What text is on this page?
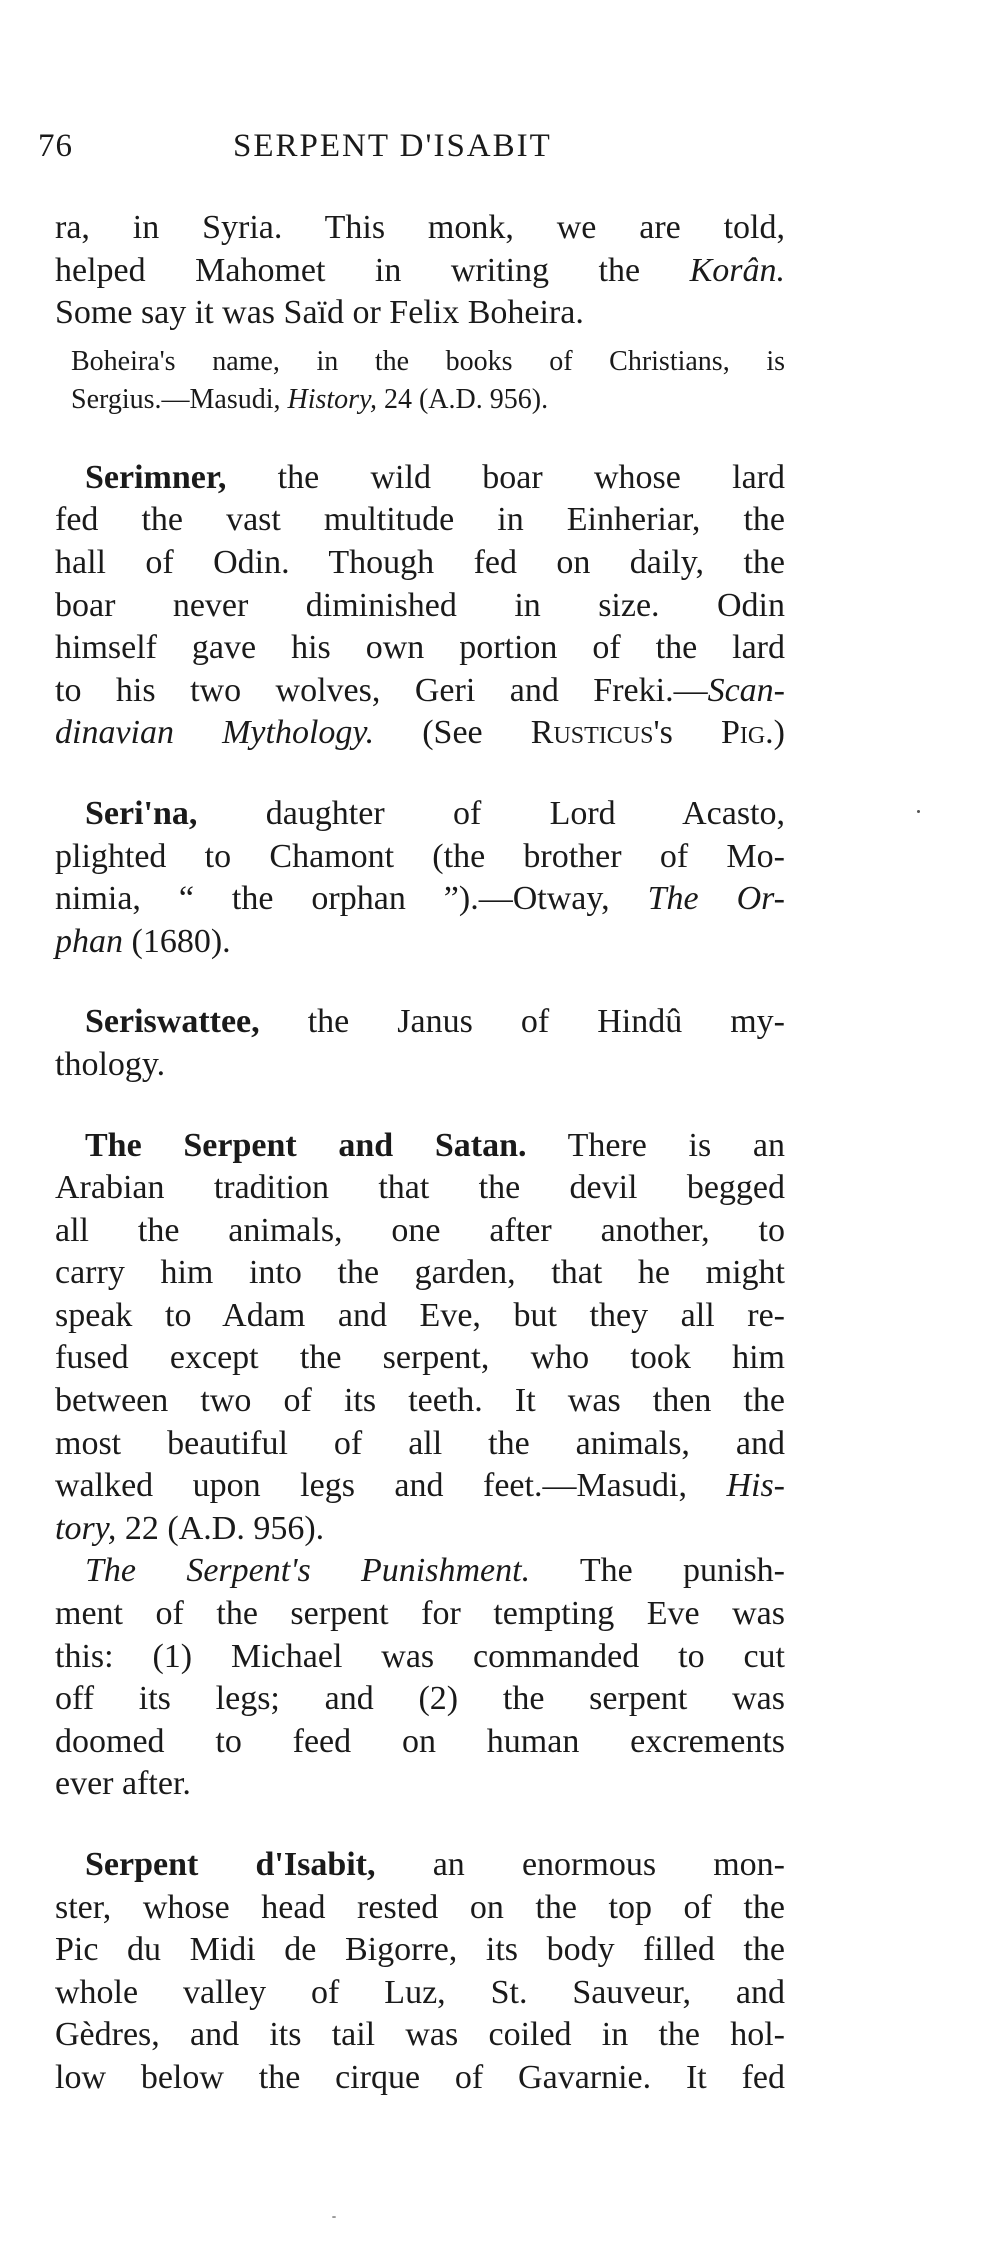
76	SERPENT D'ISABIT
ra, in Syria. This monk, we are told,
helped Mahomet in writing the Korân.
Some say it was Saïd or Felix Boheira.
Boheira's name, in the books of Christians, is
Sergius.—Masudi, History, 24 (A.D. 956).
Serimner, the wild boar whose lard
fed the vast multitude in Einheriar, the
hall of Odin. Though fed on daily, the
boar never diminished in size. Odin
himself gave his own portion of the lard
to his two wolves, Geri and Freki.—Scan-
dinavian Mythology. (See Rusticus's Pig.)
Seri'na, daughter of Lord Acasto,
plighted to Chamont (the brother of Mo-
nimia, “ the orphan ”).—Otway, The Or-
phan (1680).
Seriswattee, the Janus of Hindû my-
thology.
The Serpent and Satan. There is an
Arabian tradition that the devil begged
all the animals, one after another, to
carry him into the garden, that he might
speak to Adam and Eve, but they all re-
fused except the serpent, who took him
between two of its teeth. It was then the
most beautiful of all the animals, and
walked upon legs and feet.—Masudi, His-
tory, 22 (A.D. 956).
The Serpent's Punishment. The punish-
ment of the serpent for tempting Eve was
this: (1) Michael was commanded to cut
off its legs; and (2) the serpent was
doomed to feed on human excrements
ever after.
Serpent d'Isabit, an enormous mon-
ster, whose head rested on the top of the
Pic du Midi de Bigorre, its body filled the
whole valley of Luz, St. Sauveur, and
Gèdres, and its tail was coiled in the hol-
low below the cirque of Gavarnie. It fed
